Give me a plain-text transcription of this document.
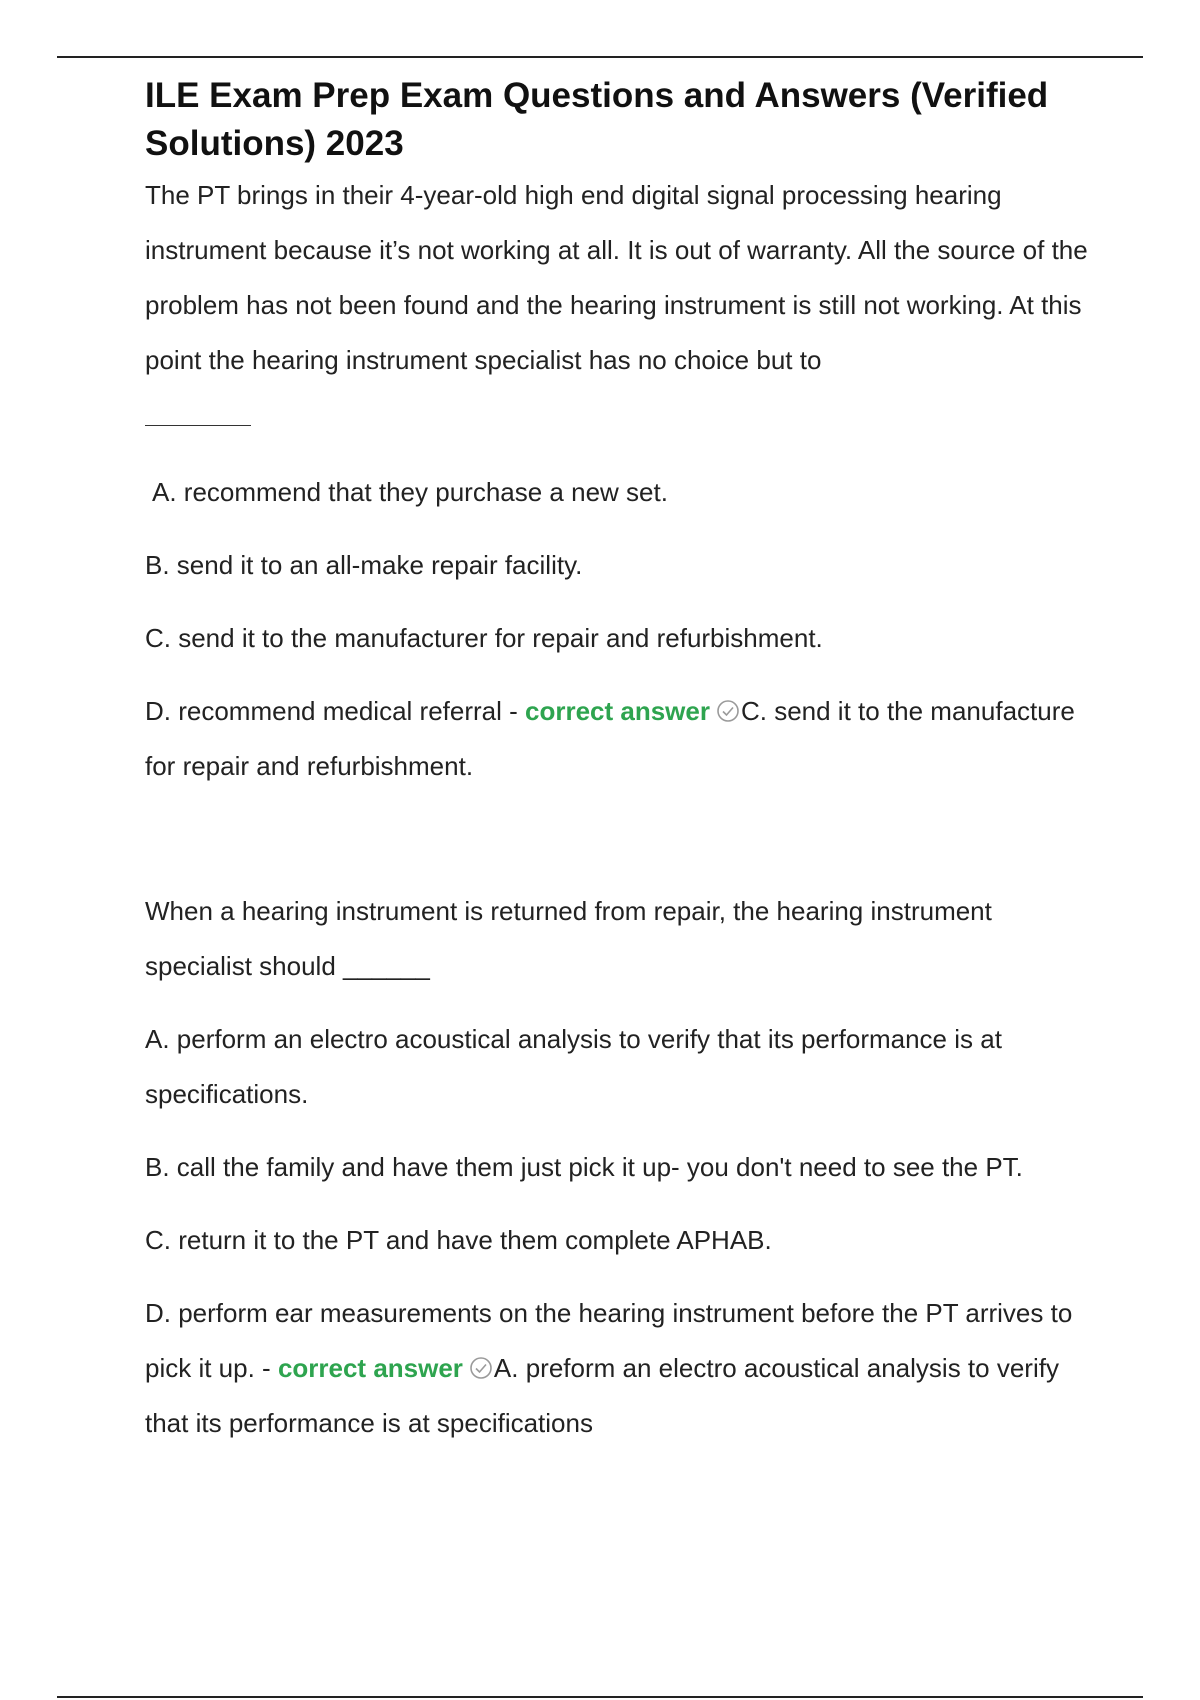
ILE Exam Prep Exam Questions and Answers (Verified Solutions) 2023

The PT brings in their 4-year-old high end digital signal processing hearing instrument because it’s not working at all. It is out of warranty. All the source of the problem has not been found and the hearing instrument is still not working. At this point the hearing instrument specialist has no choice but to

A. recommend that they purchase a new set.

B. send it to an all-make repair facility.

C. send it to the manufacturer for repair and refurbishment.

D. recommend medical referral - correct answer C. send it to the manufacture for repair and refurbishment.

When a hearing instrument is returned from repair, the hearing instrument specialist should ______

A. perform an electro acoustical analysis to verify that its performance is at specifications.

B. call the family and have them just pick it up- you don't need to see the PT.

C. return it to the PT and have them complete APHAB.

D. perform ear measurements on the hearing instrument before the PT arrives to pick it up. - correct answer A. preform an electro acoustical analysis to verify that its performance is at specifications
